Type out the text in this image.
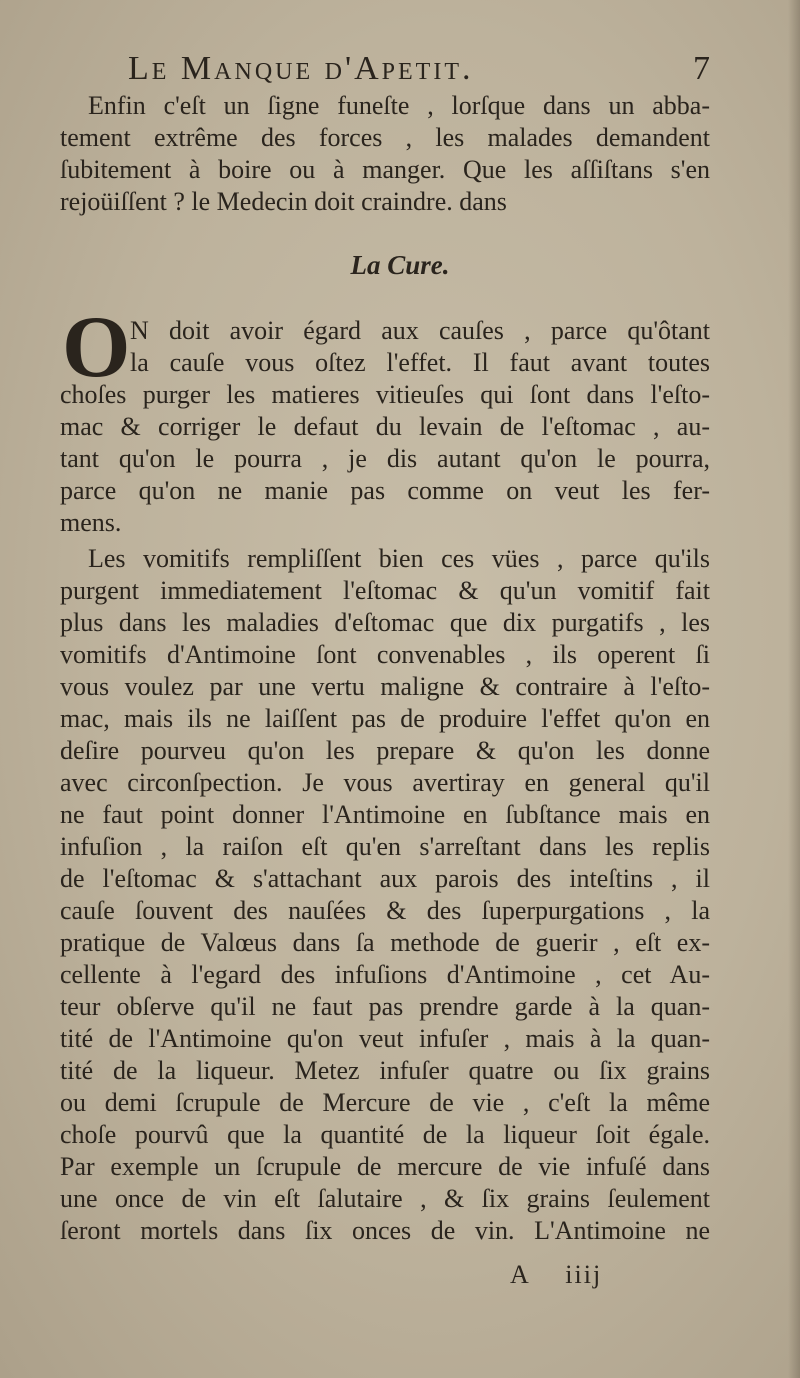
Le Manque d'Apetit.	7
Enfin c'eſt un ſigne funeſte , lorſque dans un abba-
tement extrême des forces , les malades demandent
ſubitement à boire ou à manger. Que les aſſiſtans s'en
rejoüiſſent ? le Medecin doit craindre. dans
La Cure.
O N doit avoir égard aux cauſes , parce qu'ôtant
la cauſe vous oſtez l'effet. Il faut avant toutes
choſes purger les matieres vitieuſes qui ſont dans l'eſto-
mac & corriger le defaut du levain de l'eſtomac , au-
tant qu'on le pourra , je dis autant qu'on le pourra,
parce qu'on ne manie pas comme on veut les fer-
mens.
Les vomitifs rempliſſent bien ces vües , parce qu'ils
purgent immediatement l'eſtomac & qu'un vomitif fait
plus dans les maladies d'eſtomac que dix purgatifs , les
vomitifs d'Antimoine ſont convenables , ils operent ſi
vous voulez par une vertu maligne & contraire à l'eſto-
mac, mais ils ne laiſſent pas de produire l'effet qu'on en
deſire pourveu qu'on les prepare & qu'on les donne
avec circonſpection. Je vous avertiray en general qu'il
ne faut point donner l'Antimoine en ſubſtance mais en
infuſion , la raiſon eſt qu'en s'arreſtant dans les replis
de l'eſtomac & s'attachant aux parois des inteſtins , il
cauſe ſouvent des nauſées & des ſuperpurgations , la
pratique de Valœus dans ſa methode de guerir , eſt ex-
cellente à l'egard des infuſions d'Antimoine , cet Au-
teur obſerve qu'il ne faut pas prendre garde à la quan-
tité de l'Antimoine qu'on veut infuſer , mais à la quan-
tité de la liqueur. Metez infuſer quatre ou ſix grains
ou demi ſcrupule de Mercure de vie , c'eſt la même
choſe pourvû que la quantité de la liqueur ſoit égale.
Par exemple un ſcrupule de mercure de vie infuſé dans
une once de vin eſt ſalutaire , & ſix grains ſeulement
ſeront mortels dans ſix onces de vin. L'Antimoine ne
A iiij
